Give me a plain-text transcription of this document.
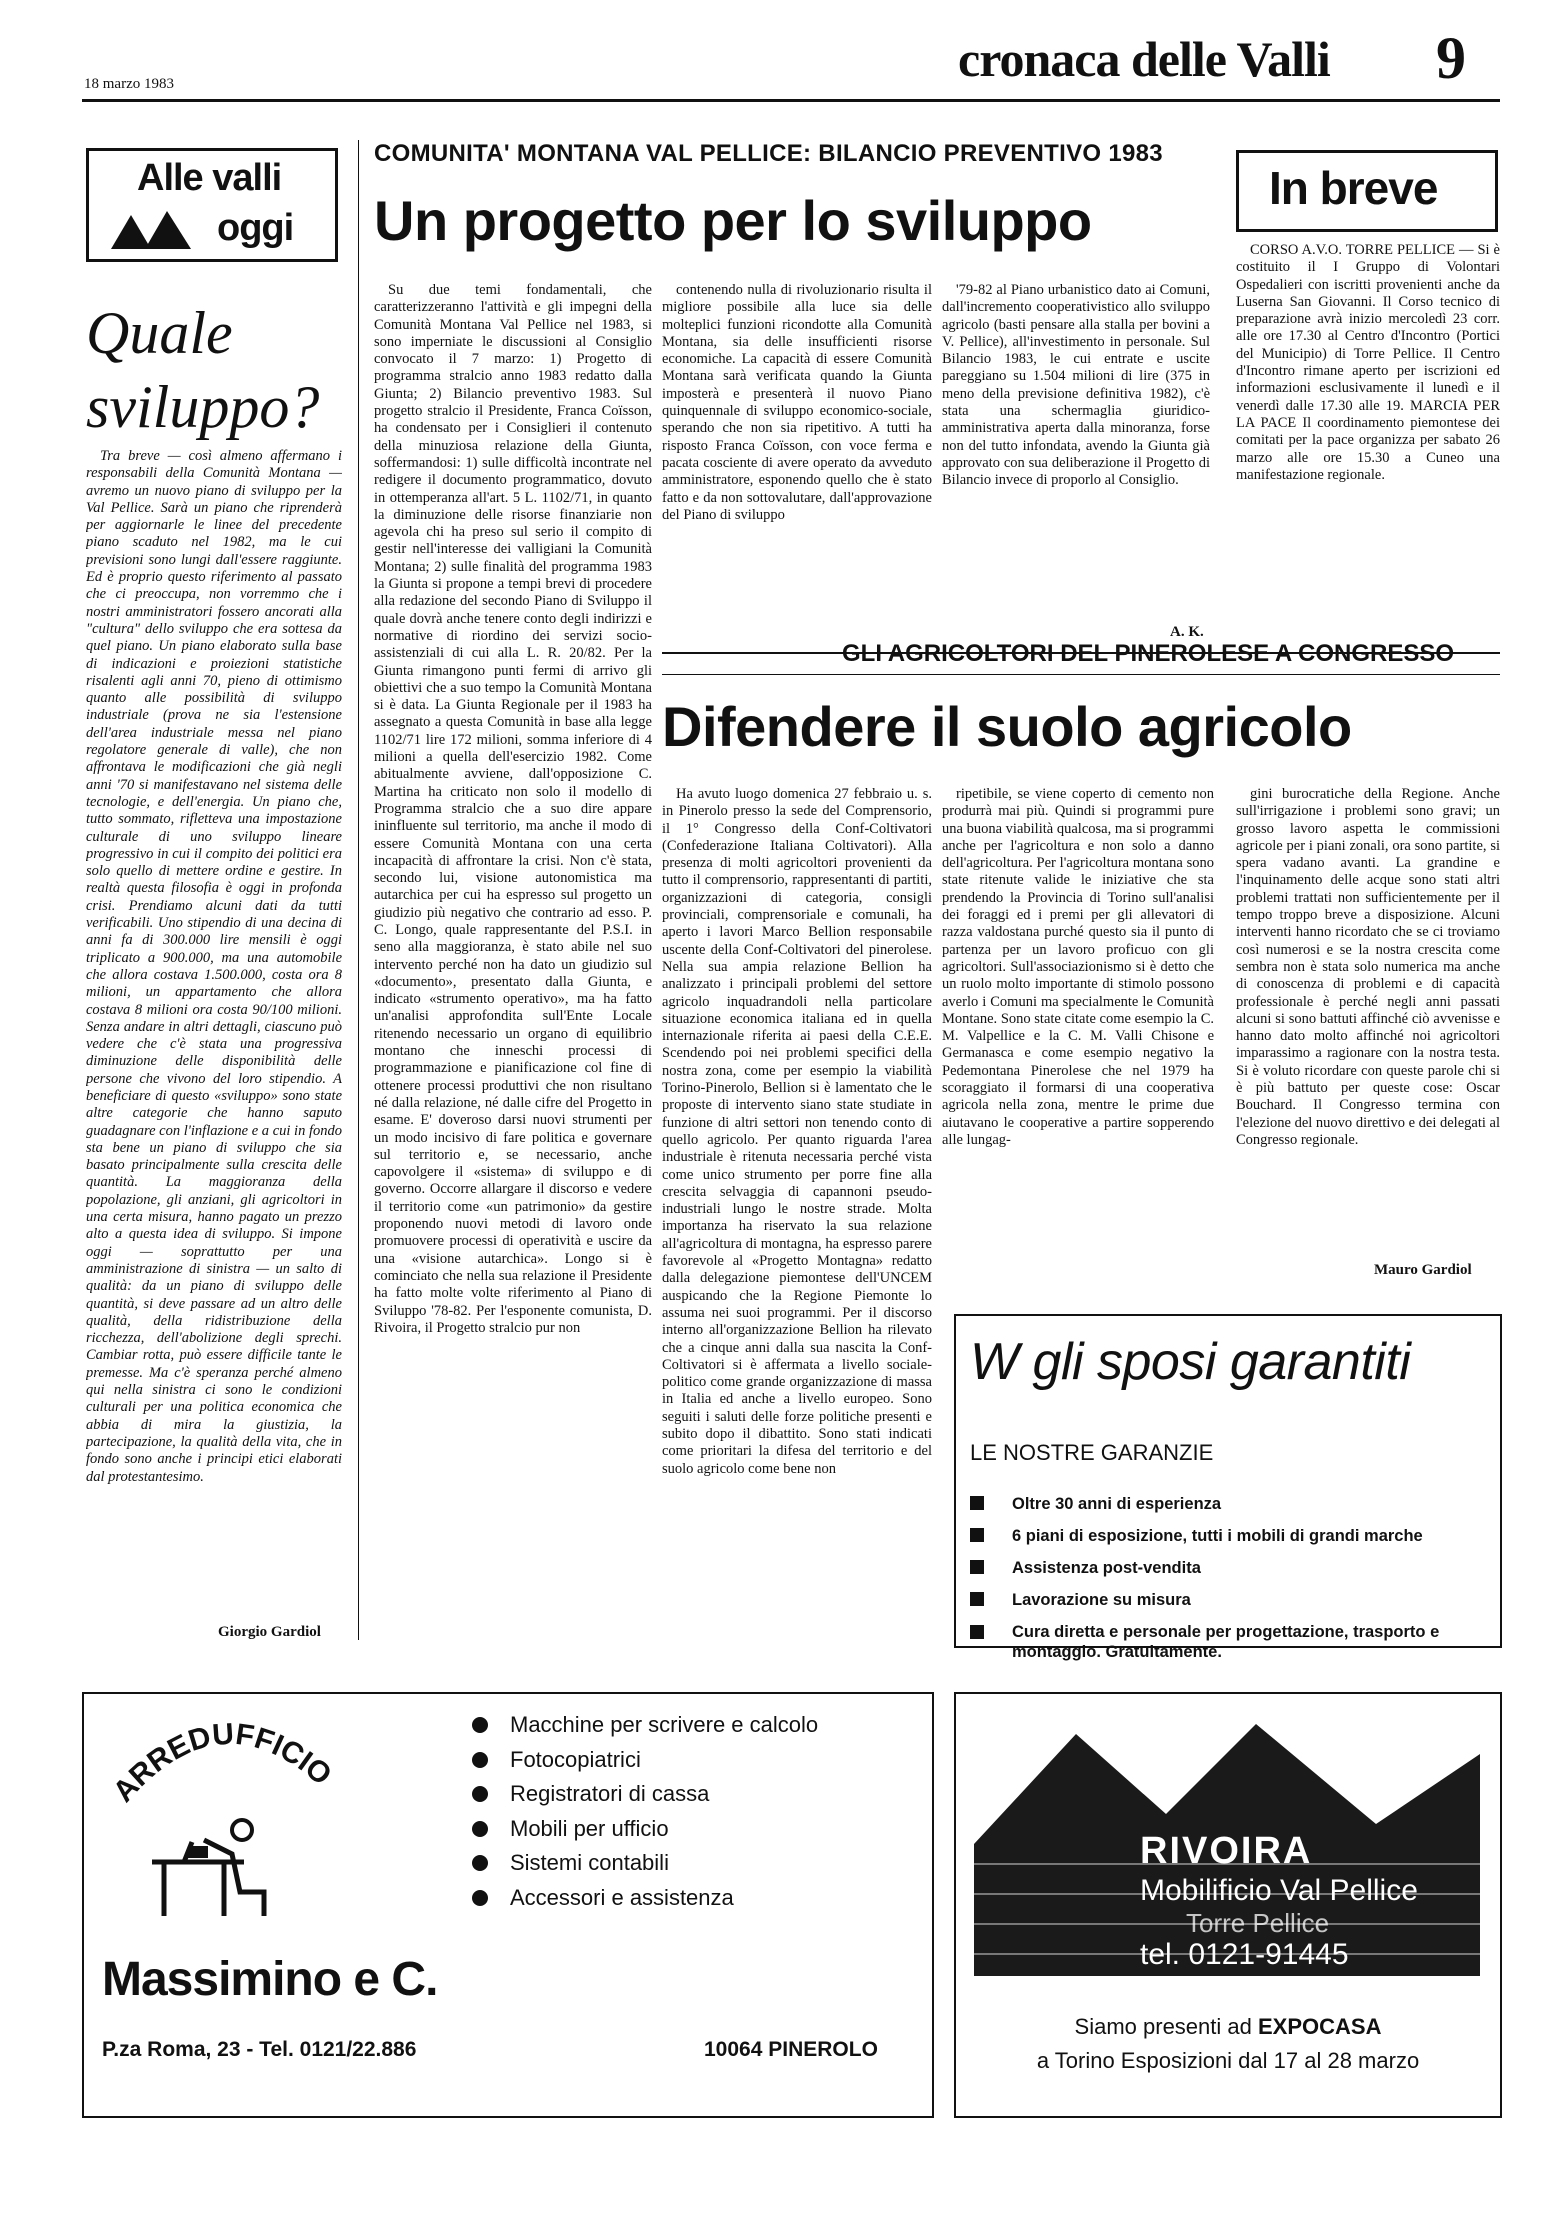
18 marzo 1983	cronaca delle Valli 9
Alle valli
oggi
Quale sviluppo?

Tra breve — così almeno affermano i responsabili della Comunità Montana — avremo un nuovo piano di sviluppo per la Val Pellice. Sarà un piano che riprenderà per aggiornarle le linee del precedente piano scaduto nel 1982, ma le cui previsioni sono lungi dall'essere raggiunte. Ed è proprio questo riferimento al passato che ci preoccupa, non vorremmo che i nostri amministratori fossero ancorati alla "cultura" dello sviluppo che era sottesa da quel piano. Un piano elaborato sulla base di indicazioni e proiezioni statistiche risalenti agli anni 70, pieno di ottimismo quanto alle possibilità di sviluppo industriale (prova ne sia l'estensione dell'area industriale messa nel piano regolatore generale di valle), che non affrontava le modificazioni che già negli anni '70 si manifestavano nel sistema delle tecnologie, e dell'energia. Un piano che, tutto sommato, rifletteva una impostazione culturale di uno sviluppo lineare progressivo in cui il compito dei politici era solo quello di mettere ordine e gestire. In realtà questa filosofia è oggi in profonda crisi. Prendiamo alcuni dati da tutti verificabili. Uno stipendio di una decina di anni fa di 300.000 lire mensili è oggi triplicato a 900.000, ma una automobile che allora costava 1.500.000, costa ora 8 milioni, un appartamento che allora costava 8 milioni ora costa 90/100 milioni. Senza andare in altri dettagli, ciascuno può vedere che c'è stata una progressiva diminuzione delle disponibilità delle persone che vivono del loro stipendio. A beneficiare di questo «sviluppo» sono state altre categorie che hanno saputo guadagnare con l'inflazione e a cui in fondo sta bene un piano di sviluppo che sia basato principalmente sulla crescita delle quantità. La maggioranza della popolazione, gli anziani, gli agricoltori in una certa misura, hanno pagato un prezzo alto a questa idea di sviluppo. Si impone oggi — soprattutto per una amministrazione di sinistra — un salto di qualità: da un piano di sviluppo delle quantità, si deve passare ad un altro delle qualità, della ridistribuzione della ricchezza, dell'abolizione degli sprechi. Cambiar rotta, può essere difficile tante le premesse. Ma c'è speranza perché almeno qui nella sinistra ci sono le condizioni culturali per una politica economica che abbia di mira la giustizia, la partecipazione, la qualità della vita, che in fondo sono anche i principi etici elaborati dal protestantesimo.

Giorgio Gardiol
COMUNITA' MONTANA VAL PELLICE: BILANCIO PREVENTIVO 1983
Un progetto per lo sviluppo

Su due temi fondamentali, che caratterizzeranno l'attività e gli impegni della Comunità Montana Val Pellice nel 1983, si sono imperniate le discussioni al Consiglio convocato il 7 marzo: 1) Progetto di programma stralcio anno 1983 redatto dalla Giunta; 2) Bilancio preventivo 1983. Sul progetto stralcio il Presidente, Franca Coïsson, ha condensato per i Consiglieri il contenuto della minuziosa relazione della Giunta, soffermandosi: 1) sulle difficoltà incontrate nel redigere il documento programmatico, dovuto in ottemperanza all'art. 5 L. 1102/71, in quanto la diminuzione delle risorse finanziarie non agevola chi ha preso sul serio il compito di gestir nell'interesse dei valligiani la Comunità Montana; 2) sulle finalità del programma 1983 la Giunta si propone a tempi brevi di procedere alla redazione del secondo Piano di Sviluppo il quale dovrà anche tenere conto degli indirizzi e normative di riordino dei servizi socio-assistenziali di cui alla L. R. 20/82. Per la Giunta rimangono punti fermi di arrivo gli obiettivi che a suo tempo la Comunità Montana si è data. La Giunta Regionale per il 1983 ha assegnato a questa Comunità in base alla legge 1102/71 lire 172 milioni, somma inferiore di 4 milioni a quella dell'esercizio 1982. Come abitualmente avviene, dall'opposizione C. Martina ha criticato non solo il modello di Programma stralcio che a suo dire appare ininfluente sul territorio, ma anche il modo di essere Comunità Montana con una certa incapacità di affrontare la crisi. Non c'è stata, secondo lui, visione autonomistica ma autarchica per cui ha espresso sul progetto un giudizio più negativo che contrario ad esso. P. C. Longo, quale rappresentante del P.S.I. in seno alla maggioranza, è stato abile nel suo intervento perché non ha dato un giudizio sul «documento», presentato dalla Giunta, e indicato «strumento operativo», ma ha fatto un'analisi approfondita sull'Ente Locale ritenendo necessario un organo di equilibrio montano che inneschi processi di programmazione e pianificazione col fine di ottenere processi produttivi che non risultano né dalla relazione, né dalle cifre del Progetto in esame. E' doveroso darsi nuovi strumenti per un modo incisivo di fare politica e governare sul territorio e, se necessario, anche capovolgere il «sistema» di sviluppo e di governo. Occorre allargare il discorso e vedere il territorio come «un patrimonio» da gestire proponendo nuovi metodi di lavoro onde promuovere processi di operatività e uscire da una «visione autarchica». Longo si è cominciato che nella sua relazione il Presidente ha fatto molte volte riferimento al Piano di Sviluppo '78-82. Per l'esponente comunista, D. Rivoira, il Progetto stralcio pur non

contenendo nulla di rivoluzionario risulta il migliore possibile alla luce sia delle molteplici funzioni ricondotte alla Comunità Montana, sia delle insufficienti risorse economiche. La capacità di essere Comunità Montana sarà verificata quando la Giunta imposterà e presenterà il nuovo Piano quinquennale di sviluppo economico-sociale, sperando che non sia ripetitivo. A tutti ha risposto Franca Coïsson, con voce ferma e pacata cosciente di avere operato da avveduto amministratore, esponendo quello che è stato fatto e da non sottovalutare, dall'approvazione del Piano di sviluppo

'79-82 al Piano urbanistico dato ai Comuni, dall'incremento cooperativistico allo sviluppo agricolo (basti pensare alla stalla per bovini a V. Pellice), all'investimento in personale. Sul Bilancio 1983, le cui entrate e uscite pareggiano su 1.504 milioni di lire (375 in meno della previsione definitiva 1982), c'è stata una schermaglia giuridico-amministrativa aperta dalla minoranza, forse non del tutto infondata, avendo la Giunta già approvato con sua deliberazione il Progetto di Bilancio invece di proporlo al Consiglio.

A. K.
In breve

CORSO A.V.O. TORRE PELLICE — Si è costituito il I Gruppo di Volontari Ospedalieri con iscritti provenienti anche da Luserna San Giovanni. Il Corso tecnico di preparazione avrà inizio mercoledì 23 corr. alle ore 17.30 al Centro d'Incontro (Portici del Municipio) di Torre Pellice. Il Centro d'Incontro rimane aperto per iscrizioni ed informazioni esclusivamente il lunedì e il venerdì dalle 17.30 alle 19. MARCIA PER LA PACE Il coordinamento piemontese dei comitati per la pace organizza per sabato 26 marzo alle ore 15.30 a Cuneo una manifestazione regionale.

GLI AGRICOLTORI DEL PINEROLESE A CONGRESSO
Difendere il suolo agricolo

Ha avuto luogo domenica 27 febbraio u. s. in Pinerolo presso la sede del Comprensorio, il 1° Congresso della Conf-Coltivatori (Confederazione Italiana Coltivatori). Alla presenza di molti agricoltori provenienti da tutto il comprensorio, rappresentanti di partiti, organizzazioni di categoria, consigli provinciali, comprensoriale e comunali, ha aperto i lavori Marco Bellion responsabile uscente della Conf-Coltivatori del pinerolese. Nella sua ampia relazione Bellion ha analizzato i principali problemi del settore agricolo inquadrandoli nella particolare situazione economica italiana ed in quella internazionale riferita ai paesi della C.E.E. Scendendo poi nei problemi specifici della nostra zona, come per esempio la viabilità Torino-Pinerolo, Bellion si è lamentato che le proposte di intervento siano state studiate in funzione di altri settori non tenendo conto di quello agricolo. Per quanto riguarda l'area industriale è ritenuta necessaria perché vista come unico strumento per porre fine alla crescita selvaggia di capannoni pseudo-industriali lungo le nostre strade. Molta importanza ha riservato la sua relazione all'agricoltura di montagna, ha espresso parere favorevole al «Progetto Montagna» redatto dalla delegazione piemontese dell'UNCEM auspicando che la Regione Piemonte lo assuma nei suoi programmi. Per il discorso interno all'organizzazione Bellion ha rilevato che a cinque anni dalla sua nascita la Conf-Coltivatori si è affermata a livello sociale-politico come grande organizzazione di massa in Italia ed anche a livello europeo. Sono seguiti i saluti delle forze politiche presenti e subito dopo il dibattito. Sono stati indicati come prioritari la difesa del territorio e del suolo agricolo come bene non

ripetibile, se viene coperto di cemento non produrrà mai più. Quindi si programmi pure una buona viabilità qualcosa, ma si programmi anche per l'agricoltura e non solo a danno dell'agricoltura. Per l'agricoltura montana sono state ritenute valide le iniziative che sta prendendo la Provincia di Torino sull'analisi dei foraggi ed i premi per gli allevatori di razza valdostana purché questo sia il punto di partenza per un lavoro proficuo con gli agricoltori. Sull'associazionismo si è detto che un ruolo molto importante di stimolo possono averlo i Comuni ma specialmente le Comunità Montane. Sono state citate come esempio la C. M. Valpellice e la C. M. Valli Chisone e Germanasca e come esempio negativo la Pedemontana Pinerolese che nel 1979 ha scoraggiato il formarsi di una cooperativa agricola nella zona, mentre le prime due aiutavano le cooperative a partire sopperendo alle lungag-

gini burocratiche della Regione. Anche sull'irrigazione i problemi sono gravi; un grosso lavoro aspetta le commissioni agricole per i piani zonali, ora sono partite, si spera vadano avanti. La grandine e l'inquinamento delle acque sono stati altri problemi trattati non sufficientemente per il tempo troppo breve a disposizione. Alcuni interventi hanno ricordato che se ci troviamo così numerosi e se la nostra crescita come sembra non è stata solo numerica ma anche di conoscenza di problemi e di capacità professionale è perché negli anni passati alcuni si sono battuti affinché ciò avvenisse e hanno dato molto affinché noi agricoltori imparassimo a ragionare con la nostra testa. Si è voluto ricordare con queste parole chi si è più battuto per queste cose: Oscar Bouchard. Il Congresso termina con l'elezione del nuovo direttivo e dei delegati al Congresso regionale.

Mauro Gardiol
W gli sposi garantiti
LE NOSTRE GARANZIE
Oltre 30 anni di esperienza
6 piani di esposizione, tutti i mobili di grandi marche
Assistenza post-vendita
Lavorazione su misura
Cura diretta e personale per progettazione, trasporto e montaggio. Gratuitamente.
ARREDUFFICIO
Massimino e C.
P.za Roma, 23 - Tel. 0121/22.886	10064 PINEROLO
Macchine per scrivere e calcolo
Fotocopiatrici
Registratori di cassa
Mobili per ufficio
Sistemi contabili
Accessori e assistenza
RIVOIRA
Mobilificio Val Pellice
Torre Pellice
tel. 0121-91445
Siamo presenti ad EXPOCASA
a Torino Esposizioni dal 17 al 28 marzo
